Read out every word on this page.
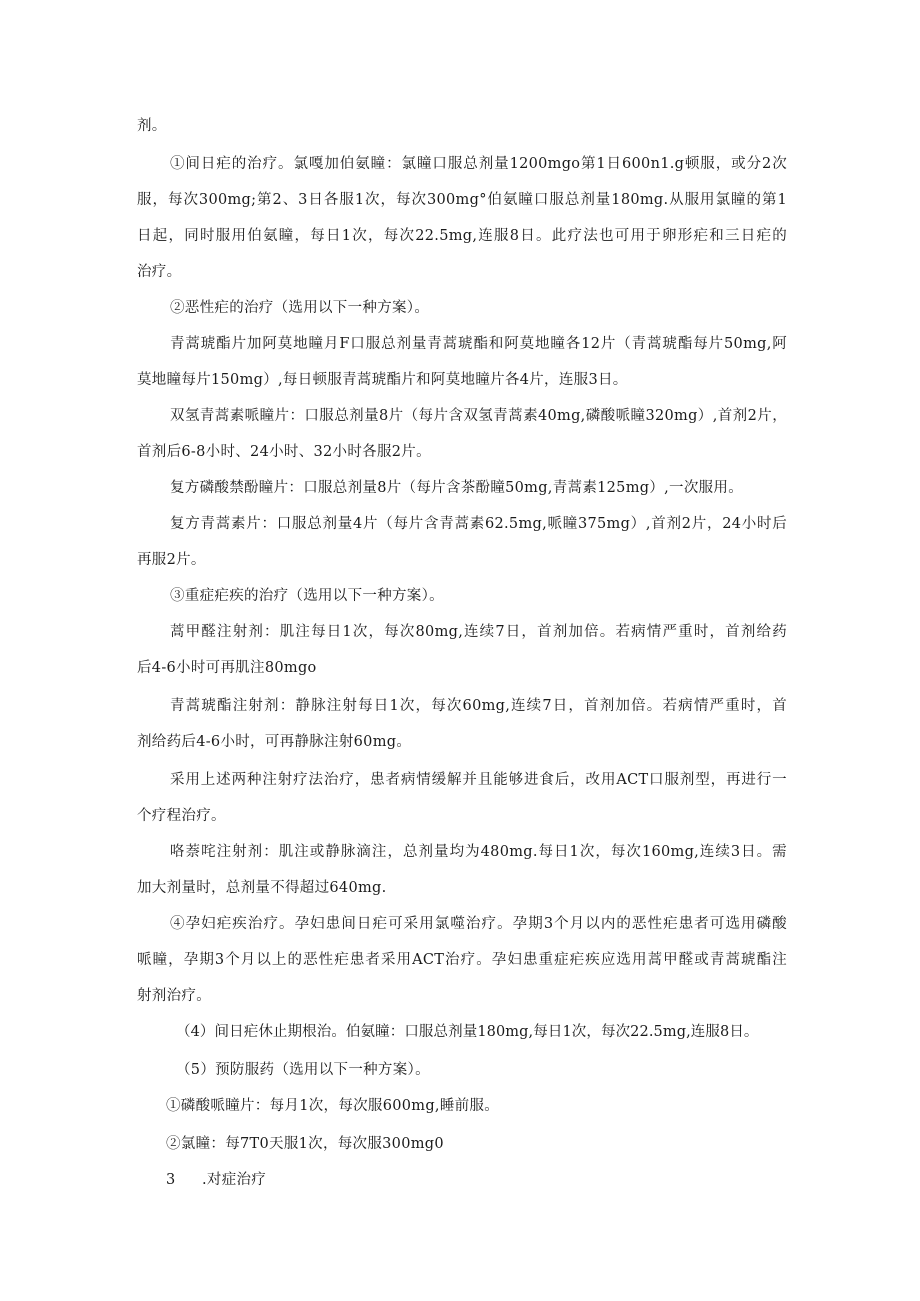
剂。
①间日疟的治疗。氯嘎加伯氨瞳：氯瞳口服总剂量1200mgo第1日600n1.g顿服，或分2次
服，每次300mg;第2、3日各服1次，每次300mg°伯氨瞳口服总剂量180mg.从服用氯瞳的第1
日起，同时服用伯氨瞳，每日1次，每次22.5mg,连服8日。此疗法也可用于卵形疟和三日疟的
治疗。
②恶性疟的治疗（选用以下一种方案）。
青蒿琥酯片加阿莫地瞳月F口服总剂量青蒿琥酯和阿莫地瞳各12片（青蒿琥酯每片50mg,阿
莫地瞳每片150mg）,每日顿服青蒿琥酯片和阿莫地瞳片各4片，连服3日。
双氢青蒿素哌瞳片：口服总剂量8片（每片含双氢青蒿素40mg,磷酸哌瞳320mg）,首剂2片，
首剂后6-8小时、24小时、32小时各服2片。
复方磷酸禁酚瞳片：口服总剂量8片（每片含茶酚瞳50mg,青蒿素125mg）,一次服用。
复方青蒿素片：口服总剂量4片（每片含青蒿素62.5mg,哌瞳375mg）,首剂2片，24小时后
再服2片。
③重症疟疾的治疗（选用以下一种方案）。
蒿甲醛注射剂：肌注每日1次，每次80mg,连续7日，首剂加倍。若病情严重时，首剂给药
后4-6小时可再肌注80mgo
青蒿琥酯注射剂：静脉注射每日1次，每次60mg,连续7日，首剂加倍。若病情严重时，首
剂给药后4-6小时，可再静脉注射60mg。
采用上述两种注射疗法治疗，患者病情缓解并且能够进食后，改用ACT口服剂型，再进行一
个疗程治疗。
咯萘咤注射剂：肌注或静脉滴注，总剂量均为480mg.每日1次，每次160mg,连续3日。需
加大剂量时，总剂量不得超过640mg.
④孕妇疟疾治疗。孕妇患间日疟可采用氯噬治疗。孕期3个月以内的恶性疟患者可选用磷酸
哌瞳，孕期3个月以上的恶性疟患者采用ACT治疗。孕妇患重症疟疾应选用蒿甲醛或青蒿琥酯注
射剂治疗。
（4）间日疟休止期根治。伯氨瞳：口服总剂量180mg,每日1次，每次22.5mg,连服8日。
（5）预防服药（选用以下一种方案）。
①磷酸哌瞳片：每月1次，每次服600mg,睡前服。
②氯瞳：每7T0天服1次，每次服300mg0
3 .对症治疗
